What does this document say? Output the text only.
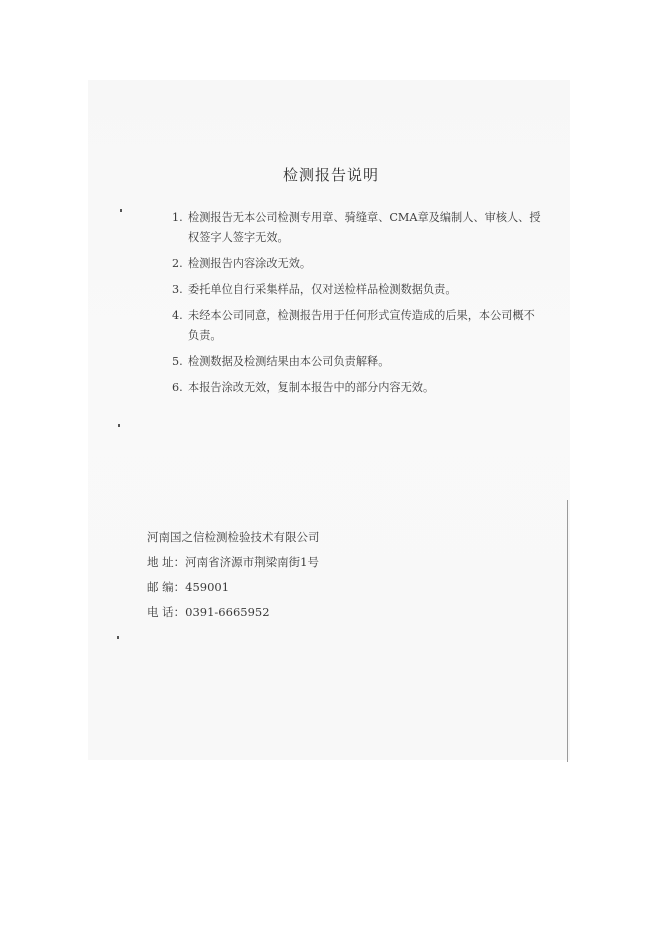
检测报告说明
1. 检测报告无本公司检测专用章、骑缝章、CMA章及编制人、审核人、授权签字人签字无效。
2. 检测报告内容涂改无效。
3. 委托单位自行采集样品，仅对送检样品检测数据负责。
4. 未经本公司同意，检测报告用于任何形式宣传造成的后果，本公司概不负责。
5. 检测数据及检测结果由本公司负责解释。
6. 本报告涂改无效，复制本报告中的部分内容无效。
河南国之信检测检验技术有限公司
地 址：河南省济源市荆梁南街1号
邮 编：459001
电 话：0391-6665952
